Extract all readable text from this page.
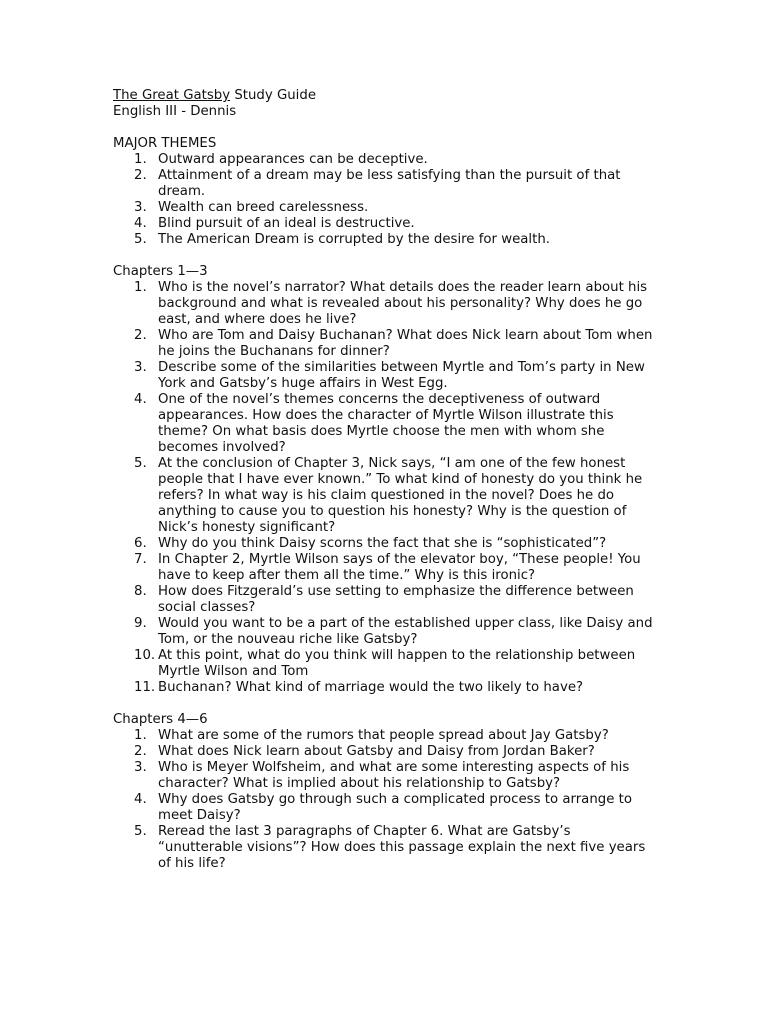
The Great Gatsby Study Guide

English III - Dennis

MAJOR THEMES

1. Outward appearances can be deceptive.
2. Attainment of a dream may be less satisfying than the pursuit of that dream.
3. Wealth can breed carelessness.
4. Blind pursuit of an ideal is destructive.
5. The American Dream is corrupted by the desire for wealth.

Chapters 1—3

1. Who is the novel’s narrator? What details does the reader learn about his background and what is revealed about his personality? Why does he go east, and where does he live?
2. Who are Tom and Daisy Buchanan? What does Nick learn about Tom when he joins the Buchanans for dinner?
3. Describe some of the similarities between Myrtle and Tom’s party in New York and Gatsby’s huge affairs in West Egg.
4. One of the novel’s themes concerns the deceptiveness of outward appearances. How does the character of Myrtle Wilson illustrate this theme? On what basis does Myrtle choose the men with whom she becomes involved?
5. At the conclusion of Chapter 3, Nick says, “I am one of the few honest people that I have ever known.” To what kind of honesty do you think he refers? In what way is his claim questioned in the novel? Does he do anything to cause you to question his honesty? Why is the question of Nick’s honesty significant?
6. Why do you think Daisy scorns the fact that she is “sophisticated”?
7. In Chapter 2, Myrtle Wilson says of the elevator boy, “These people! You have to keep after them all the time.” Why is this ironic?
8. How does Fitzgerald’s use setting to emphasize the difference between social classes?
9. Would you want to be a part of the established upper class, like Daisy and Tom, or the nouveau riche like Gatsby?
10. At this point, what do you think will happen to the relationship between Myrtle Wilson and Tom
11. Buchanan? What kind of marriage would the two likely to have?

Chapters 4—6

1. What are some of the rumors that people spread about Jay Gatsby?
2. What does Nick learn about Gatsby and Daisy from Jordan Baker?
3. Who is Meyer Wolfsheim, and what are some interesting aspects of his character? What is implied about his relationship to Gatsby?
4. Why does Gatsby go through such a complicated process to arrange to meet Daisy?
5. Reread the last 3 paragraphs of Chapter 6. What are Gatsby’s “unutterable visions”? How does this passage explain the next five years of his life?
